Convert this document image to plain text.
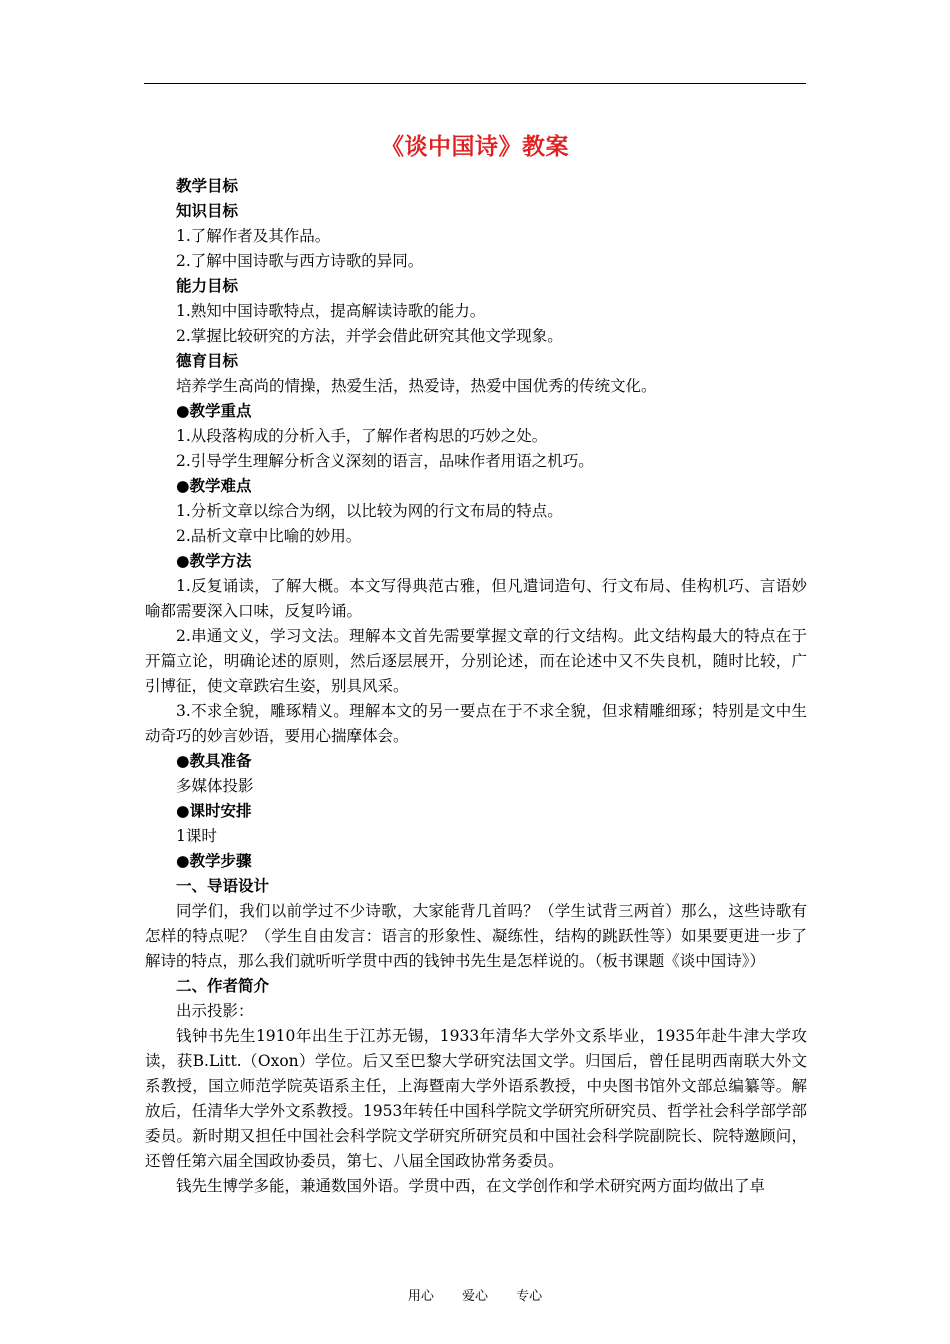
《谈中国诗》教案

教学目标

知识目标

1.了解作者及其作品。

2.了解中国诗歌与西方诗歌的异同。

能力目标

1.熟知中国诗歌特点，提高解读诗歌的能力。

2.掌握比较研究的方法，并学会借此研究其他文学现象。

德育目标

培养学生高尚的情操，热爱生活，热爱诗，热爱中国优秀的传统文化。

●教学重点

1.从段落构成的分析入手，了解作者构思的巧妙之处。

2.引导学生理解分析含义深刻的语言，品味作者用语之机巧。

●教学难点

1.分析文章以综合为纲，以比较为网的行文布局的特点。

2.品析文章中比喻的妙用。

●教学方法

1.反复诵读，了解大概。本文写得典范古雅，但凡遣词造句、行文布局、佳构机巧、言语妙喻都需要深入口味，反复吟诵。

2.串通文义，学习文法。理解本文首先需要掌握文章的行文结构。此文结构最大的特点在于开篇立论，明确论述的原则，然后逐层展开，分别论述，而在论述中又不失良机，随时比较，广引博征，使文章跌宕生姿，别具风采。

3.不求全貌，雕琢精义。理解本文的另一要点在于不求全貌，但求精雕细琢；特别是文中生动奇巧的妙言妙语，要用心揣摩体会。

●教具准备

多媒体投影

●课时安排

1课时

●教学步骤

一、导语设计

同学们，我们以前学过不少诗歌，大家能背几首吗？（学生试背三两首）那么，这些诗歌有怎样的特点呢？（学生自由发言：语言的形象性、凝练性，结构的跳跃性等）如果要更进一步了解诗的特点，那么我们就听听学贯中西的钱钟书先生是怎样说的。（板书课题《谈中国诗》）

二、作者简介

出示投影：

钱钟书先生1910年出生于江苏无锡，1933年清华大学外文系毕业，1935年赴牛津大学攻读，获B.Litt.（Oxon）学位。后又至巴黎大学研究法国文学。归国后，曾任昆明西南联大外文系教授，国立师范学院英语系主任，上海暨南大学外语系教授，中央图书馆外文部总编纂等。解放后，任清华大学外文系教授。1953年转任中国科学院文学研究所研究员、哲学社会科学部学部委员。新时期又担任中国社会科学院文学研究所研究员和中国社会科学院副院长、院特邀顾问，还曾任第六届全国政协委员，第七、八届全国政协常务委员。

钱先生博学多能，兼通数国外语。学贯中西，在文学创作和学术研究两方面均做出了卓

用心 爱心 专心
